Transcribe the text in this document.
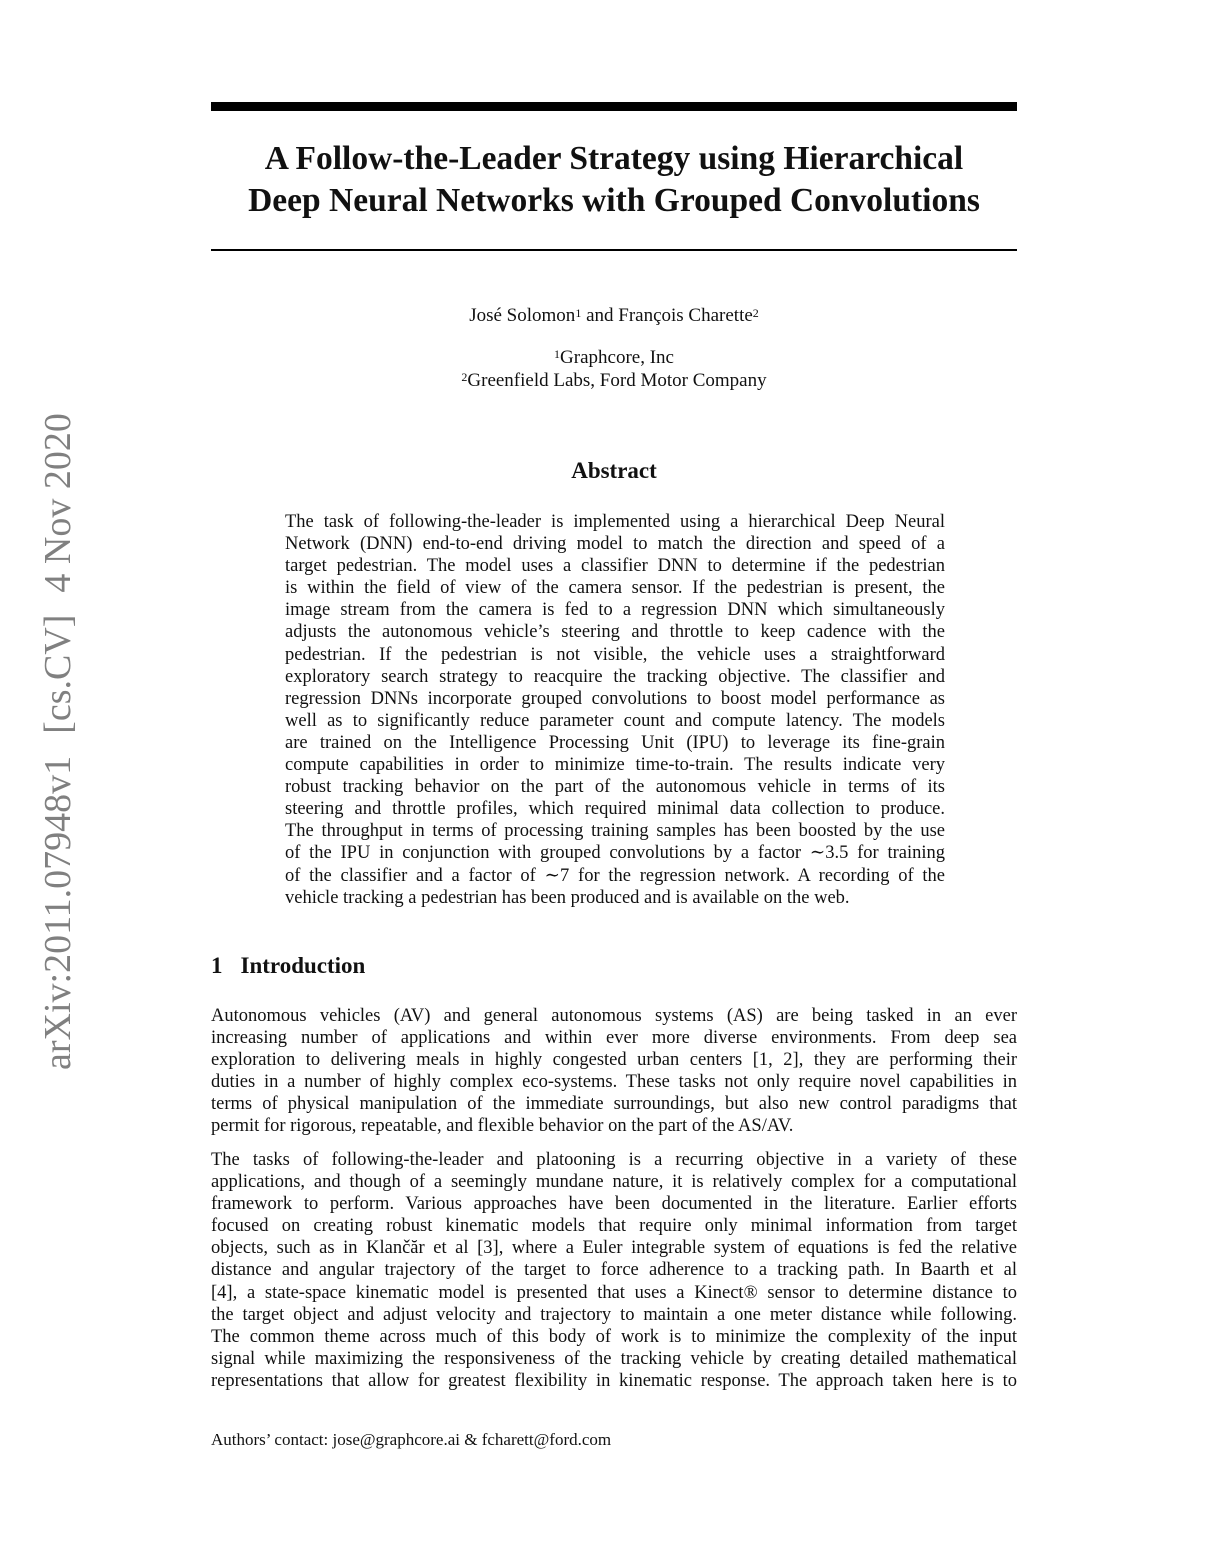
arXiv:2011.07948v1[cs.CV]4 Nov 2020
A Follow-the-Leader Strategy using Hierarchical
Deep Neural Networks with Grouped Convolutions
José Solomon$^1$ and François Charette$^2$
$^1$Graphcore, Inc
$^2$Greenfield Labs, Ford Motor Company
Abstract
The task of following-the-leader is implemented using a hierarchical Deep Neural
Network (DNN) end-to-end driving model to match the direction and speed of a
target pedestrian. The model uses a classifier DNN to determine if the pedestrian
is within the field of view of the camera sensor. If the pedestrian is present, the
image stream from the camera is fed to a regression DNN which simultaneously
adjusts the autonomous vehicle’s steering and throttle to keep cadence with the
pedestrian. If the pedestrian is not visible, the vehicle uses a straightforward
exploratory search strategy to reacquire the tracking objective. The classifier and
regression DNNs incorporate grouped convolutions to boost model performance as
well as to significantly reduce parameter count and compute latency. The models
are trained on the Intelligence Processing Unit (IPU) to leverage its fine-grain
compute capabilities in order to minimize time-to-train. The results indicate very
robust tracking behavior on the part of the autonomous vehicle in terms of its
steering and throttle profiles, which required minimal data collection to produce.
The throughput in terms of processing training samples has been boosted by the use
of the IPU in conjunction with grouped convolutions by a factor ∼3.5 for training
of the classifier and a factor of ∼7 for the regression network. A recording of the
vehicle tracking a pedestrian has been produced and is available on the web.
1 Introduction
Autonomous vehicles (AV) and general autonomous systems (AS) are being tasked in an ever
increasing number of applications and within ever more diverse environments. From deep sea
exploration to delivering meals in highly congested urban centers [1, 2], they are performing their
duties in a number of highly complex eco-systems. These tasks not only require novel capabilities in
terms of physical manipulation of the immediate surroundings, but also new control paradigms that
permit for rigorous, repeatable, and flexible behavior on the part of the AS/AV.
The tasks of following-the-leader and platooning is a recurring objective in a variety of these
applications, and though of a seemingly mundane nature, it is relatively complex for a computational
framework to perform. Various approaches have been documented in the literature. Earlier efforts
focused on creating robust kinematic models that require only minimal information from target
objects, such as in Klančăr et al [3], where a Euler integrable system of equations is fed the relative
distance and angular trajectory of the target to force adherence to a tracking path. In Baarth et al
[4], a state-space kinematic model is presented that uses a Kinect® sensor to determine distance to
the target object and adjust velocity and trajectory to maintain a one meter distance while following.
The common theme across much of this body of work is to minimize the complexity of the input
signal while maximizing the responsiveness of the tracking vehicle by creating detailed mathematical
representations that allow for greatest flexibility in kinematic response. The approach taken here is to
Authors’ contact: jose@graphcore.ai & fcharett@ford.com
